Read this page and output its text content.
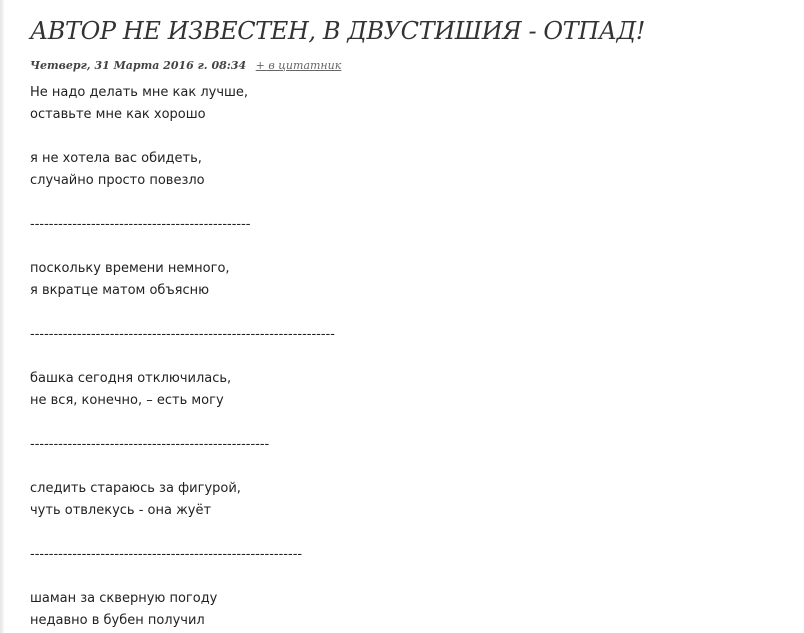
АВТОР НЕ ИЗВЕСТЕН, В ДВУСТИШИЯ - ОТПАД!
Четверг, 31 Марта 2016 г. 08:34 + в цитатник
Не надо делать мне как лучше,
оставьте мне как хорошо
я не хотела вас обидеть,
случайно просто повезло
-----------------------------------------------
поскольку времени немного,
я вкратце матом объясню
-----------------------------------------------------------------
башка сегодня отключилась,
не вся, конечно, – есть могу
---------------------------------------------------
следить стараюсь за фигурой,
чуть отвлекусь - она жуёт
----------------------------------------------------------
шаман за скверную погоду
недавно в бубен получил
